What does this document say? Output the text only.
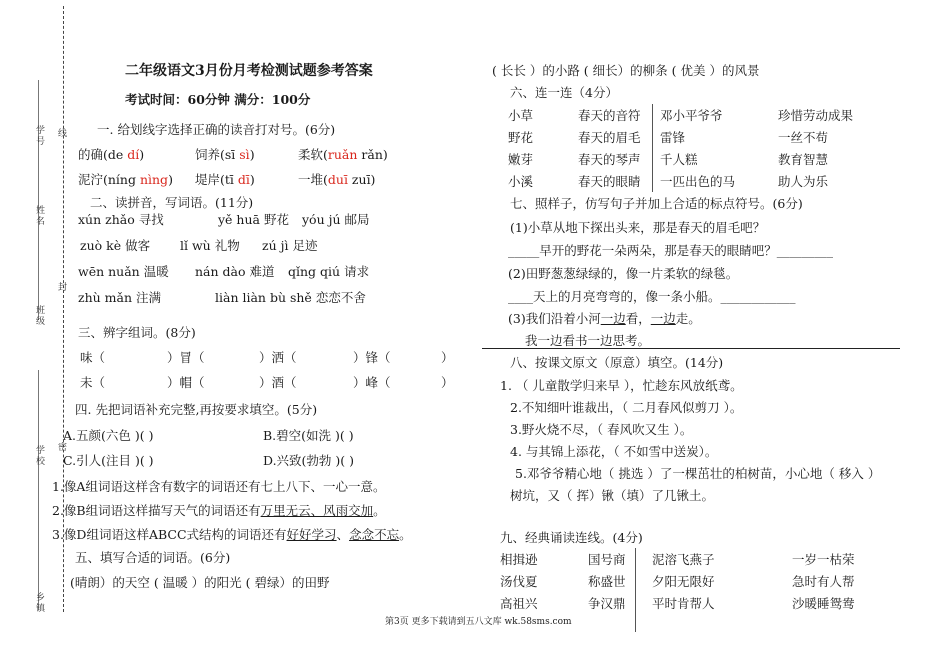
学号 线
姓名
封
班级
密
学校
乡镇
二年级语文3月份月考检测试题参考答案
考试时间：60分钟 满分：100分
一. 给划线字选择正确的读音打对号。(6分)
的确(de dí)	饲养(sī sì)	柔软(ruǎn rǎn)
泥泞(níng nìng) 堤岸(tī dī)	一堆(duī zuī)
二、读拼音，写词语。(11分)
xún zhǎo 寻找	yě huā 野花 yóu jú 邮局
zuò kè 做客 lǐ wù 礼物 zú jì 足迹
wēn nuǎn 温暖 nán dào 难道 qǐng qiú 请求
zhù mǎn 注满	liàn liàn bù shě 恋恋不舍
三、辨字组词。(8分)
味（	）冒（	）洒（	）锋（	）
未（	）帽（	）酒（	）峰（	）
四. 先把词语补充完整,再按要求填空。(5分)
A.五颜(六色 )( )	B.碧空(如洗 )( )
C.引人(注目 )( )	D.兴致(勃勃 )( )
1.像A组词语这样含有数字的词语还有七上八下、一心一意。
2.像B组词语这样描写天气的词语还有万里无云、风雨交加。
3.像D组词语这样ABCC式结构的词语还有好好学习、念念不忘。
五、填写合适的词语。(6分)
(晴朗）的天空 ( 温暖 ）的阳光 ( 碧绿）的田野
第3页 更多下载请到五八文库 wk.58sms.com
( 长长 ）的小路 ( 细长）的柳条 ( 优美 ）的风景
六、连一连（4分）
小草	春天的音符
野花	春天的眉毛
嫩芽	春天的琴声
小溪	春天的眼睛
邓小平爷爷	珍惜劳动成果
雷锋	一丝不苟
千人糕	教育智慧
一匹出色的马	助人为乐
七、照样子，仿写句子并加上合适的标点符号。(6分)
(1)小草从地下探出头来，那是春天的眉毛吧？
_____早开的野花一朵两朵，那是春天的眼睛吧？_________
(2)田野葱葱绿绿的，像一片柔软的绿毯。
____天上的月亮弯弯的，像一条小船。____________
(3)我们沿着小河一边看，一边走。
我一边看书一边思考。
八、按课文原文（原意）填空。(14分)
1. （ 儿童散学归来早 ），忙趁东风放纸鸢。
2.不知细叶谁裁出，（ 二月春风似剪刀 ）。
3.野火烧不尽，（ 春风吹又生 ）。
4. 与其锦上添花，（ 不如雪中送炭）。
5.邓爷爷精心地（ 挑选 ）了一棵茁壮的柏树苗，小心地（ 移入 ）
树坑，又（ 挥）锹（填）了几锹土。
九、经典诵读连线。(4分)
相揖逊	国号商
汤伐夏	称盛世
高祖兴	争汉鼎
泥溶飞燕子	一岁一枯荣
夕阳无限好	急时有人帮
平时肯帮人	沙暖睡鸳鸯
